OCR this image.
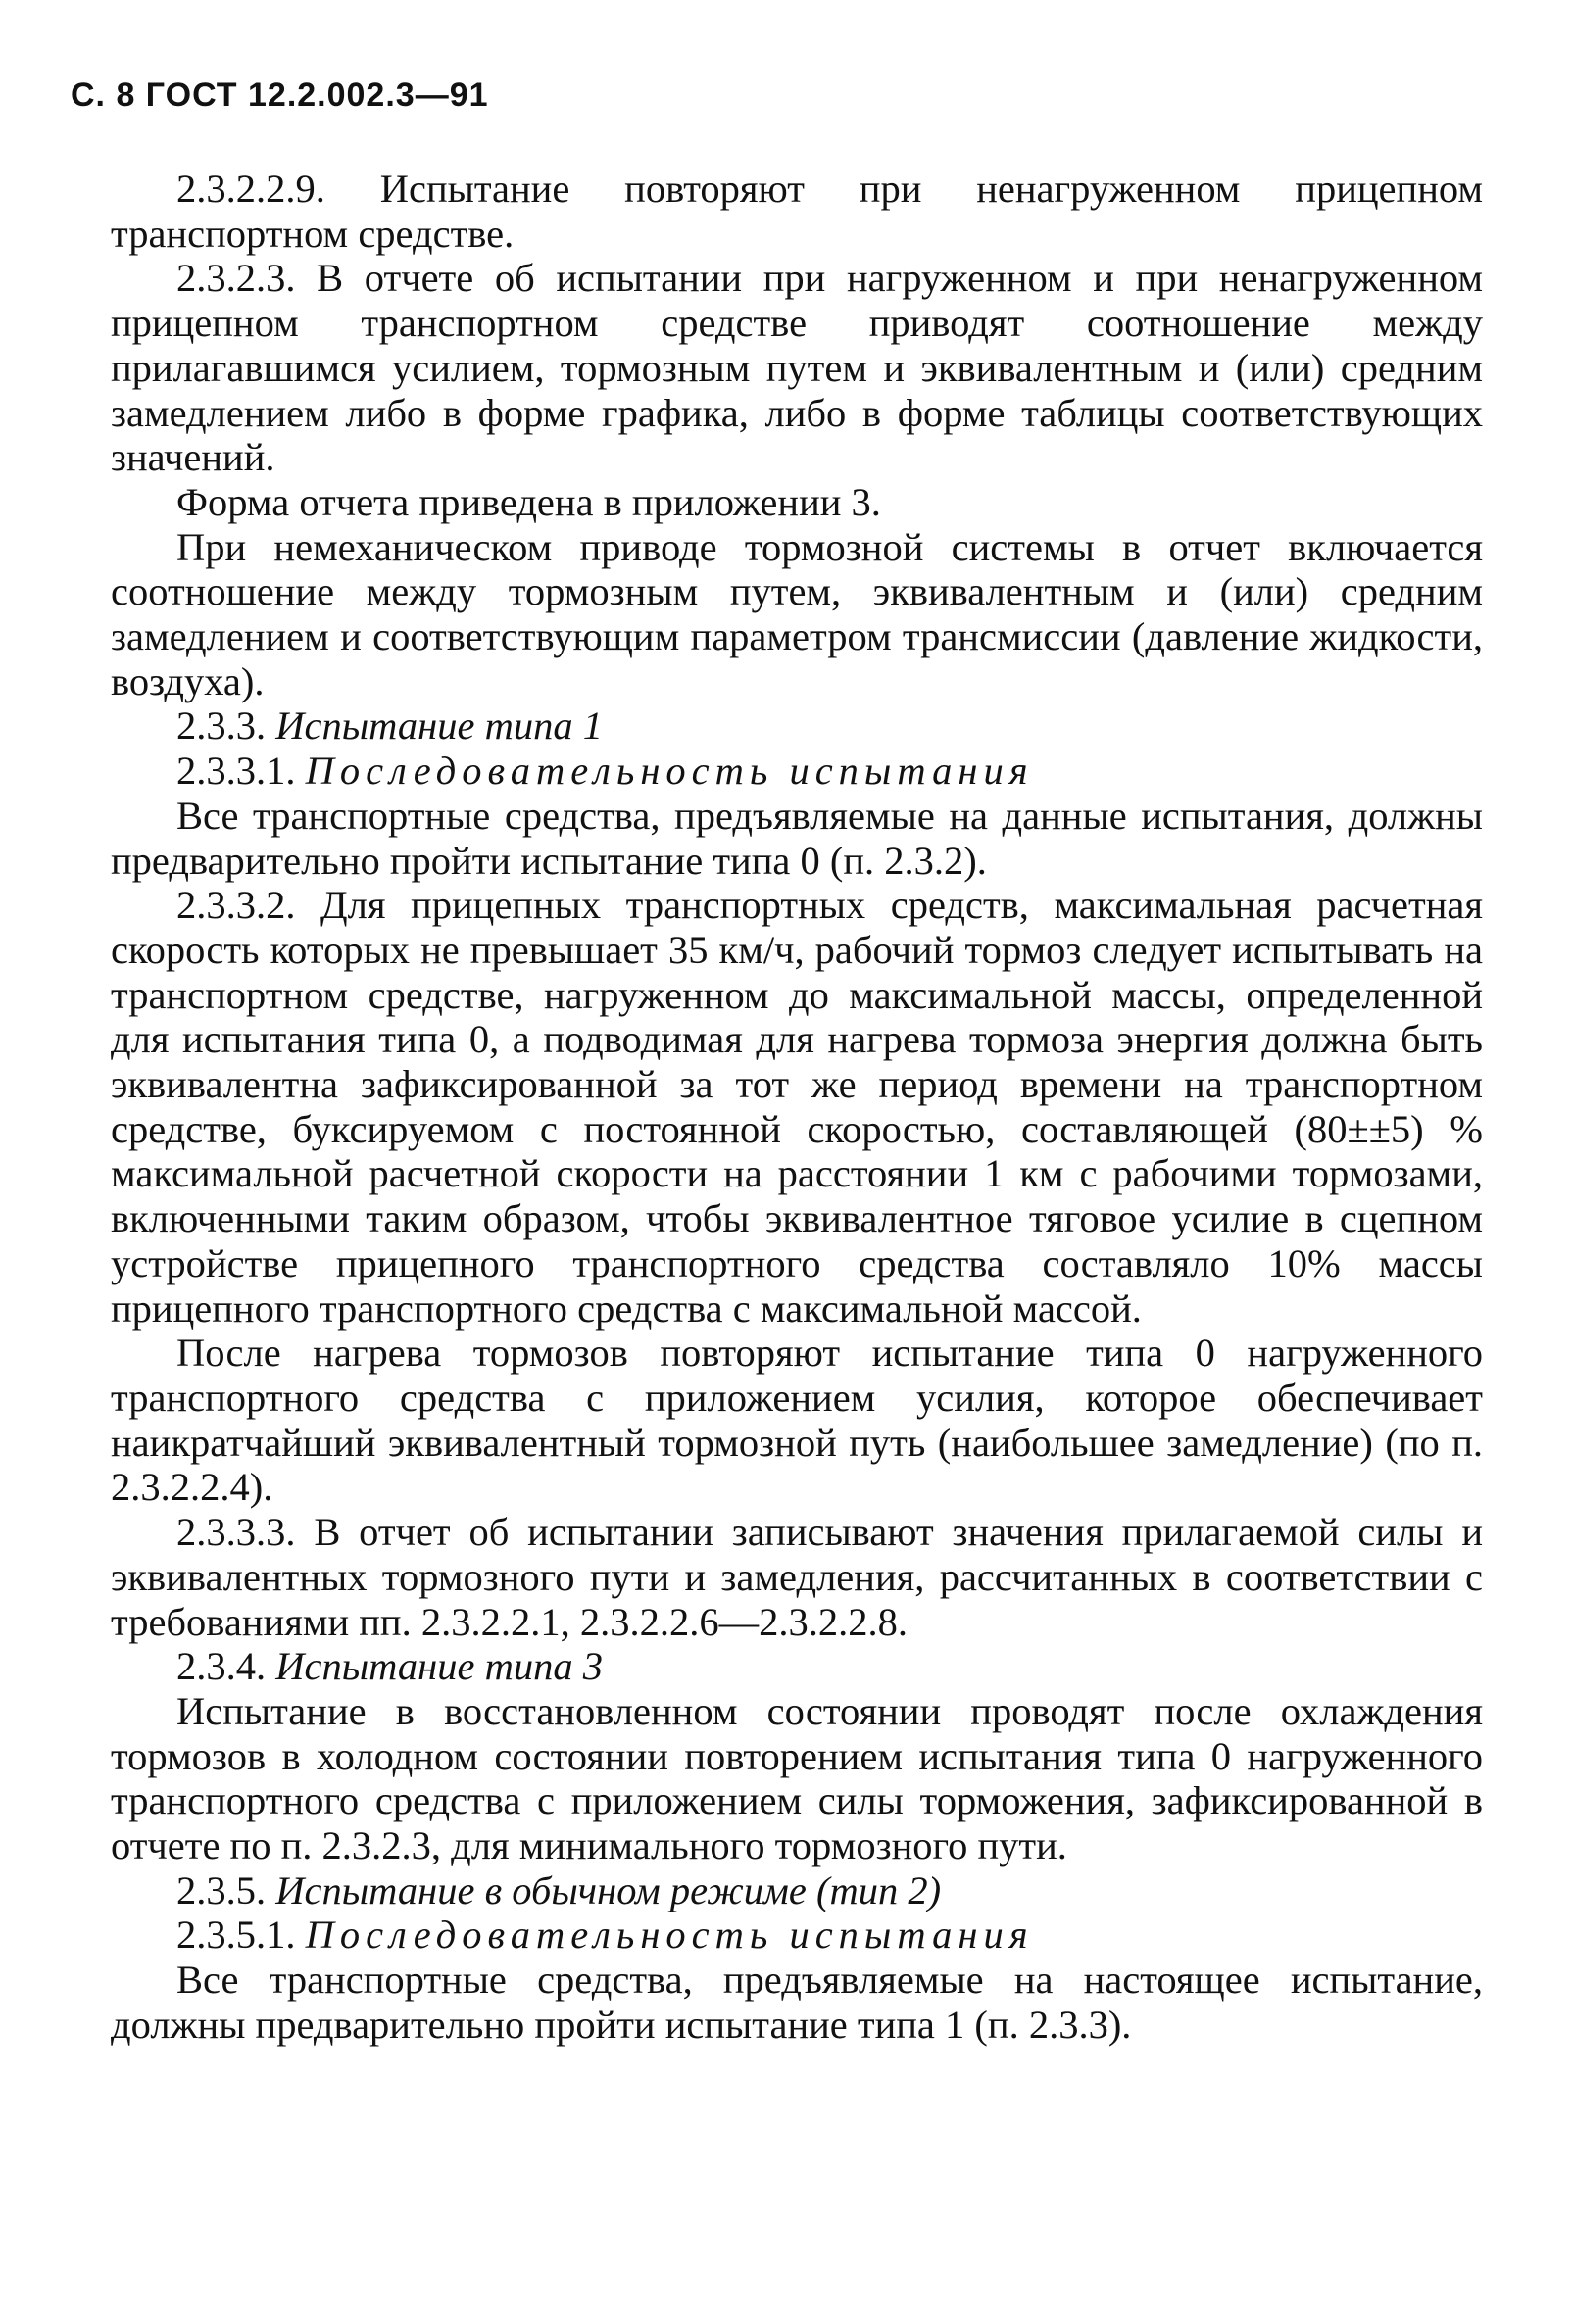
С. 8 ГОСТ 12.2.002.3—91

2.3.2.2.9. Испытание повторяют при ненагруженном прицепном транспортном средстве.

2.3.2.3. В отчете об испытании при нагруженном и при ненагруженном прицепном транспортном средстве приводят соотношение между прилагавшимся усилием, тормозным путем и эквивалентным и (или) средним замедлением либо в форме графика, либо в форме таблицы соответствующих значений.

Форма отчета приведена в приложении 3.

При немеханическом приводе тормозной системы в отчет включается соотношение между тормозным путем, эквивалентным и (или) средним замедлением и соответствующим параметром трансмиссии (давление жидкости, воздуха).

2.3.3. Испытание типа 1

2.3.3.1. Последовательность испытания

Все транспортные средства, предъявляемые на данные испытания, должны предварительно пройти испытание типа 0 (п. 2.3.2).

2.3.3.2. Для прицепных транспортных средств, максимальная расчетная скорость которых не превышает 35 км/ч, рабочий тормоз следует испытывать на транспортном средстве, нагруженном до максимальной массы, определенной для испытания типа 0, а подводимая для нагрева тормоза энергия должна быть эквивалентна зафиксированной за тот же период времени на транспортном средстве, буксируемом с постоянной скоростью, составляющей (80±±5) % максимальной расчетной скорости на расстоянии 1 км с рабочими тормозами, включенными таким образом, чтобы эквивалентное тяговое усилие в сцепном устройстве прицепного транспортного средства составляло 10% массы прицепного транспортного средства с максимальной массой.

После нагрева тормозов повторяют испытание типа 0 нагруженного транспортного средства с приложением усилия, которое обеспечивает наикратчайший эквивалентный тормозной путь (наибольшее замедление) (по п. 2.3.2.2.4).

2.3.3.3. В отчет об испытании записывают значения прилагаемой силы и эквивалентных тормозного пути и замедления, рассчитанных в соответствии с требованиями пп. 2.3.2.2.1, 2.3.2.2.6—2.3.2.2.8.

2.3.4. Испытание типа 3

Испытание в восстановленном состоянии проводят после охлаждения тормозов в холодном состоянии повторением испытания типа 0 нагруженного транспортного средства с приложением силы торможения, зафиксированной в отчете по п. 2.3.2.3, для минимального тормозного пути.

2.3.5. Испытание в обычном режиме (тип 2)

2.3.5.1. Последовательность испытания

Все транспортные средства, предъявляемые на настоящее испытание, должны предварительно пройти испытание типа 1 (п. 2.3.3).
